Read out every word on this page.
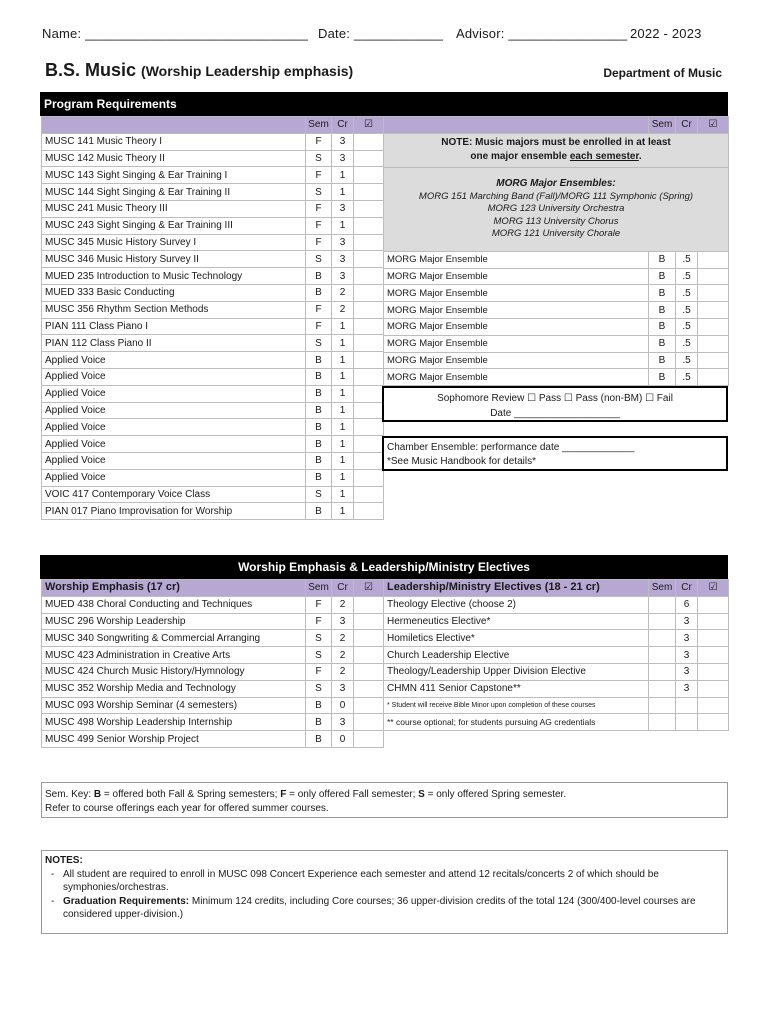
Name: ______________________________ Date: ____________ Advisor: ________________ 2022 - 2023
B.S. Music (Worship Leadership emphasis)	Department of Music
Program Requirements
	Sem	Cr	☑
MUSC 141 Music Theory I	F	3	
MUSC 142 Music Theory II	S	3	
MUSC 143 Sight Singing & Ear Training I	F	1	
MUSC 144 Sight Singing & Ear Training II	S	1	
MUSC 241 Music Theory III	F	3	
MUSC 243 Sight Singing & Ear Training III	F	1	
MUSC 345 Music History Survey I	F	3	
MUSC 346 Music History Survey II	S	3	
MUED 235 Introduction to Music Technology	B	3	
MUED 333 Basic Conducting	B	2	
MUSC 356 Rhythm Section Methods	F	2	
PIAN 111 Class Piano I	F	1	
PIAN 112 Class Piano II	S	1	
Applied Voice	B	1	
Applied Voice	B	1	
Applied Voice	B	1	
Applied Voice	B	1	
Applied Voice	B	1	
Applied Voice	B	1	
Applied Voice	B	1	
Applied Voice	B	1	
VOIC 417 Contemporary Voice Class	S	1	
PIAN 017 Piano Improvisation for Worship	B	1	
	Sem	Cr	☑
NOTE: Music majors must be enrolled in at least
one major ensemble each semester.			

MORG Major Ensembles:
MORG 151 Marching Band (Fall)/MORG 111 Symphonic (Spring)
MORG 123 University Orchestra
MORG 113 University Chorus
MORG 121 University Chorale			

MORG Major Ensemble	B	.5	
MORG Major Ensemble	B	.5	
MORG Major Ensemble	B	.5	
MORG Major Ensemble	B	.5	
MORG Major Ensemble	B	.5	
MORG Major Ensemble	B	.5	
MORG Major Ensemble	B	.5	
MORG Major Ensemble	B	.5	
Sophomore Review ☐ Pass ☐ Pass (non-BM) ☐ Fail
Date ___________________
Chamber Ensemble: performance date _____________
*See Music Handbook for details*
Worship Emphasis & Leadership/Ministry Electives
Worship Emphasis (17 cr)	Sem	Cr	☑
MUED 438 Choral Conducting and Techniques	F	2	
MUSC 296 Worship Leadership	F	3	
MUSC 340 Songwriting & Commercial Arranging	S	2	
MUSC 423 Administration in Creative Arts	S	2	
MUSC 424 Church Music History/Hymnology	F	2	
MUSC 352 Worship Media and Technology	S	3	
MUSC 093 Worship Seminar (4 semesters)	B	0	
MUSC 498 Worship Leadership Internship	B	3	
MUSC 499 Senior Worship Project	B	0	
Leadership/Ministry Electives (18 - 21 cr)	Sem	Cr	☑
Theology Elective (choose 2)		6	
Hermeneutics Elective*		3	
Homiletics Elective*		3	
Church Leadership Elective		3	
Theology/Leadership Upper Division Elective		3	
CHMN 411 Senior Capstone**		3	
* Student will receive Bible Minor upon completion of these courses			
** course optional; for students pursuing AG credentials			
Sem. Key: B = offered both Fall & Spring semesters; F = only offered Fall semester; S = only offered Spring semester.
Refer to course offerings each year for offered summer courses.
NOTES:
- All student are required to enroll in MUSC 098 Concert Experience each semester and attend 12 recitals/concerts 2 of which should be symphonies/orchestras.
- Graduation Requirements: Minimum 124 credits, including Core courses; 36 upper-division credits of the total 124 (300/400-level courses are considered upper-division.)
